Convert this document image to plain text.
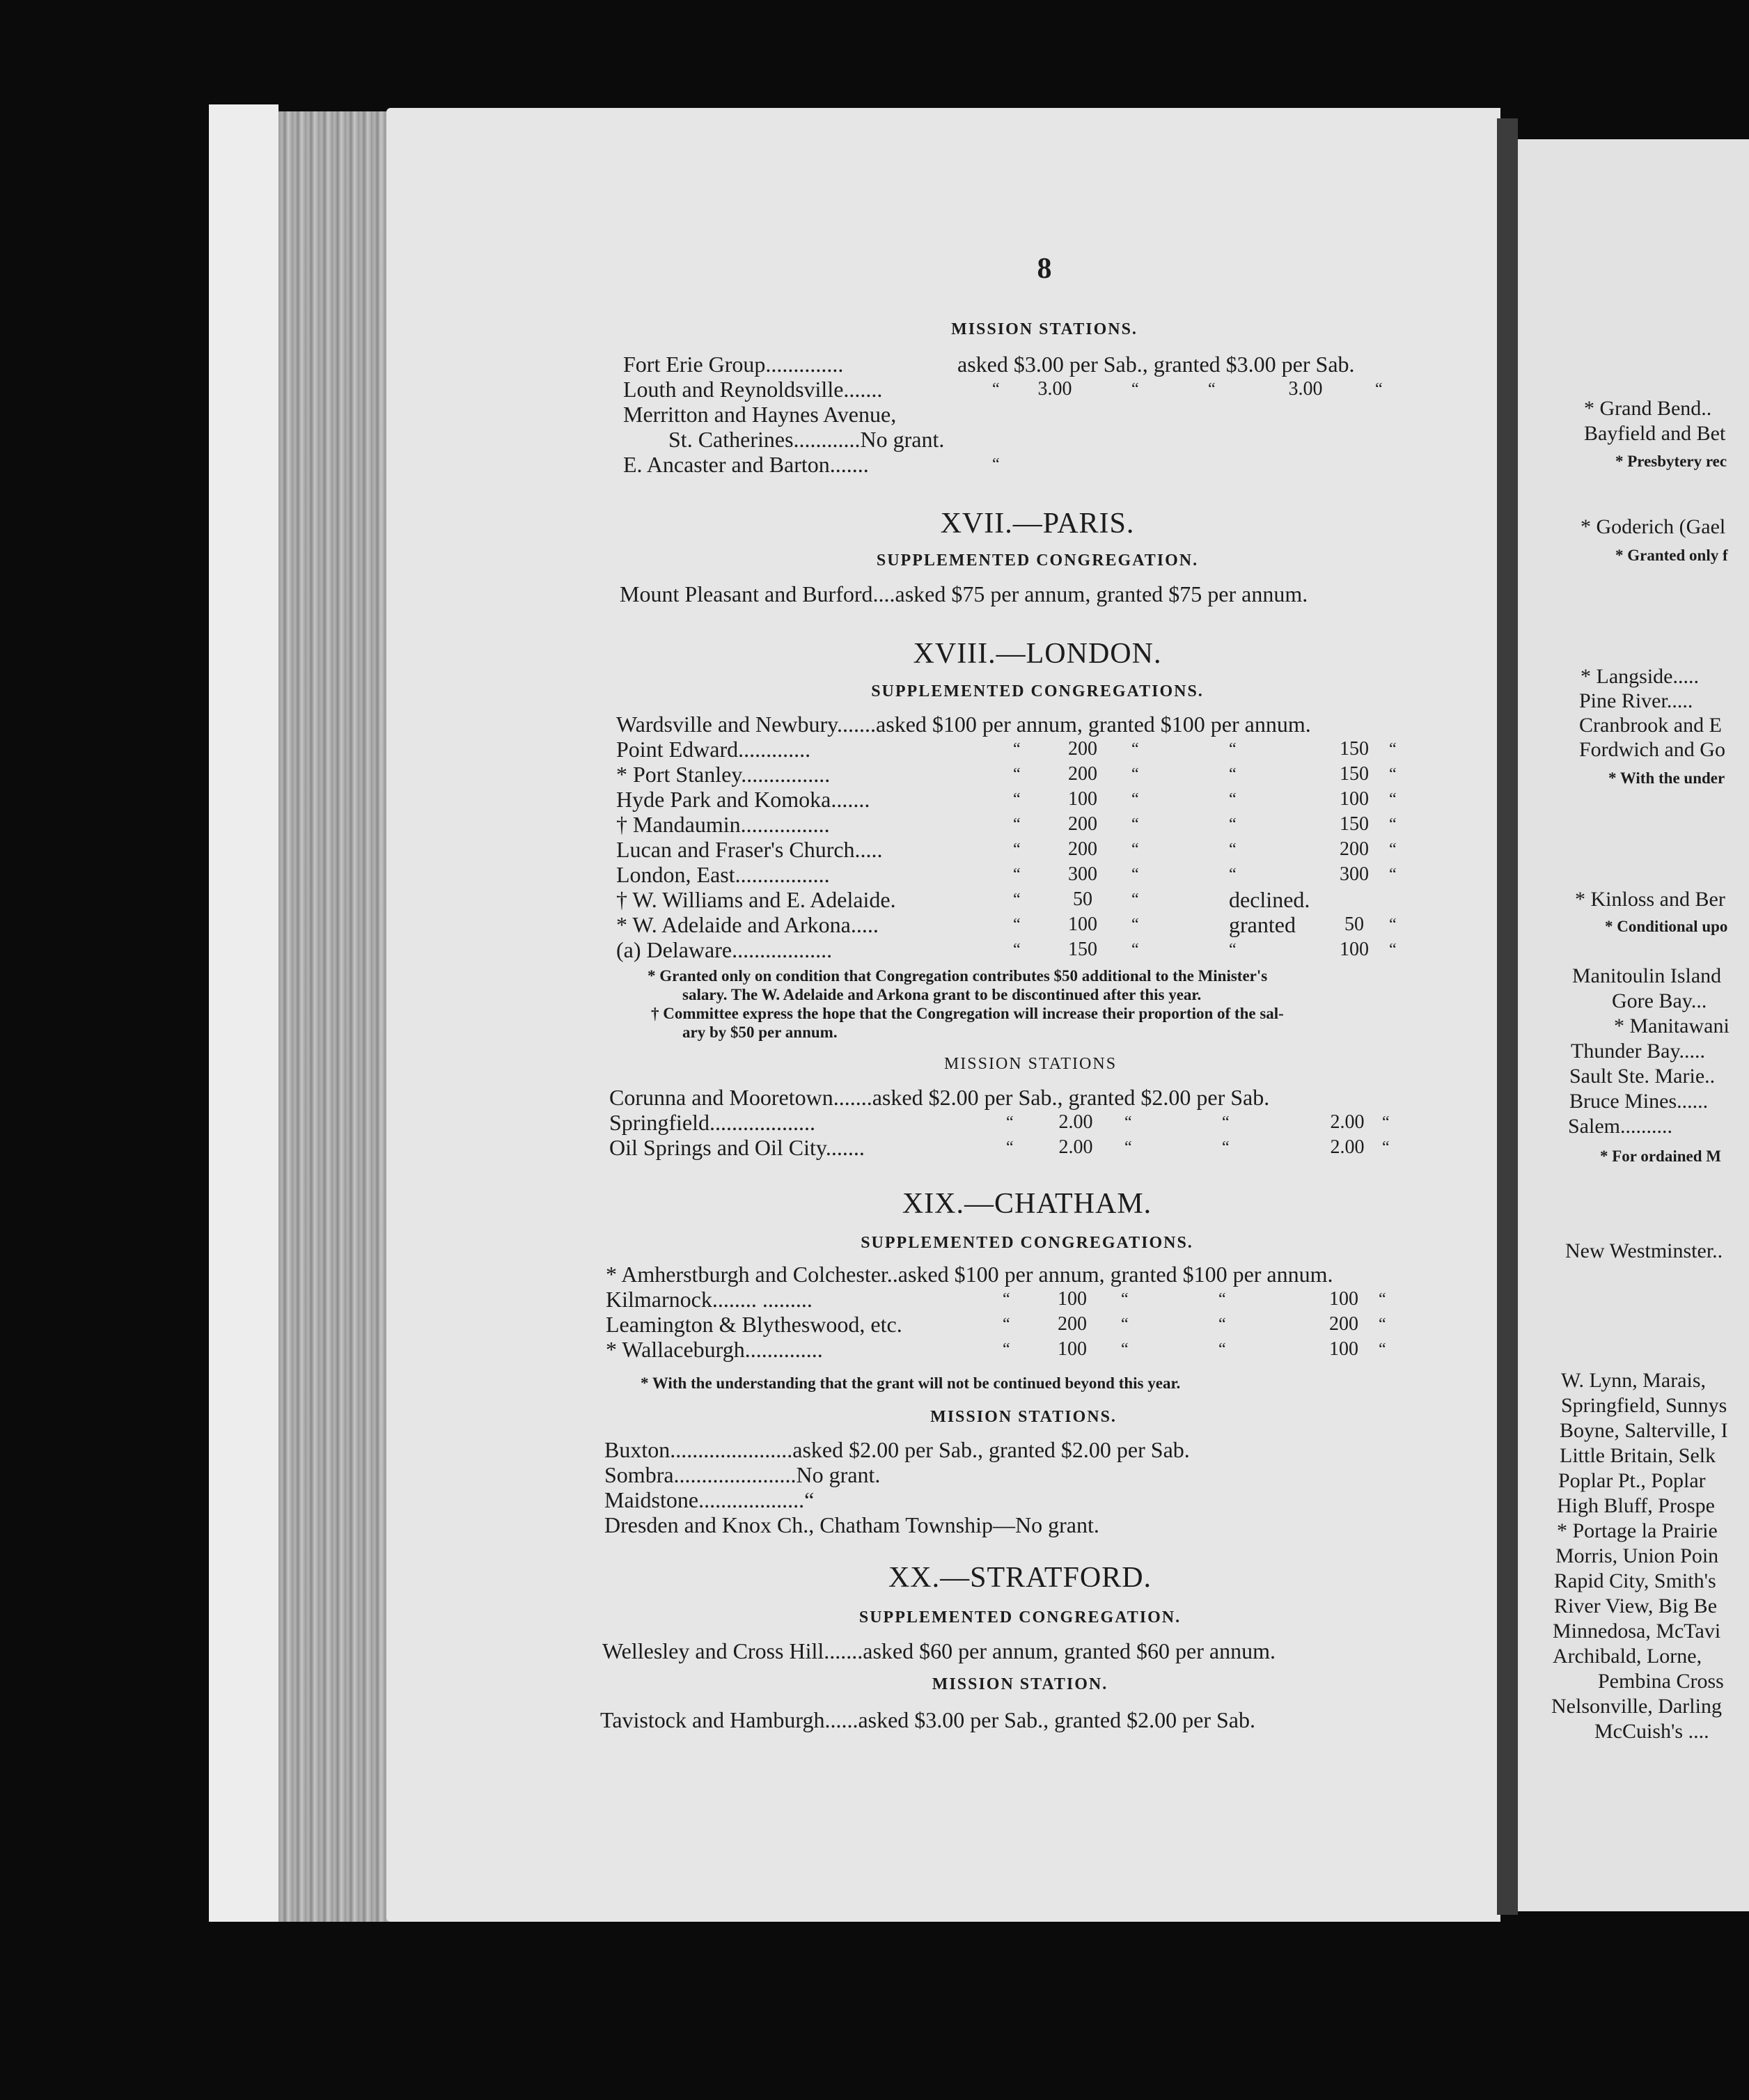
8
MISSION STATIONS.
Fort Erie Group..............	asked $3.00 per Sab., granted $3.00 per Sab.
Louth and Reynoldsville.......	“	3.00	“	“	3.00	“
Merritton and Haynes Avenue,
St. Catherines............No grant.
E. Ancaster and Barton.......	“
XVII.—PARIS.
SUPPLEMENTED CONGREGATION.
Mount Pleasant and Burford....asked $75 per annum, granted $75 per annum.
XVIII.—LONDON.
SUPPLEMENTED CONGREGATIONS.
Wardsville and Newbury.......asked $100 per annum, granted $100 per annum.
Point Edward.............	“	200	“	“	150	“
* Port Stanley................	“	200	“	“	150	“
Hyde Park and Komoka.......	“	100	“	“	100	“
† Mandaumin................	“	200	“	“	150	“
Lucan and Fraser's Church.....	“	200	“	“	200	“
London, East.................	“	300	“	“	300	“
† W. Williams and E. Adelaide.	“	50	“	declined.
* W. Adelaide and Arkona.....	“	100	“	granted	50	“
(a) Delaware..................	“	150	“	“	100	“
* Granted only on condition that Congregation contributes $50 additional to the Minister's
salary. The W. Adelaide and Arkona grant to be discontinued after this year.
† Committee express the hope that the Congregation will increase their proportion of the sal-
ary by $50 per annum.
MISSION STATIONS
Corunna and Mooretown.......asked $2.00 per Sab., granted $2.00 per Sab.
Springfield...................	“	2.00	“	“	2.00	“
Oil Springs and Oil City.......	“	2.00	“	“	2.00	“
XIX.—CHATHAM.
SUPPLEMENTED CONGREGATIONS.
* Amherstburgh and Colchester..asked $100 per annum, granted $100 per annum.
Kilmarnock........ .........	“	100	“	“	100	“
Leamington & Blytheswood, etc.	“	200	“	“	200	“
* Wallaceburgh..............	“	100	“	“	100	“
* With the understanding that the grant will not be continued beyond this year.
MISSION STATIONS.
Buxton......................asked $2.00 per Sab., granted $2.00 per Sab.
Sombra......................No grant.
Maidstone...................“
Dresden and Knox Ch., Chatham Township—No grant.
XX.—STRATFORD.
SUPPLEMENTED CONGREGATION.
Wellesley and Cross Hill.......asked $60 per annum, granted $60 per annum.
MISSION STATION.
Tavistock and Hamburgh......asked $3.00 per Sab., granted $2.00 per Sab.
* Grand Bend..
Bayfield and Bet
* Presbytery rec
* Goderich (Gael
* Granted only f
* Langside.....
Pine River.....
Cranbrook and E
Fordwich and Go
* With the under
* Kinloss and Ber
* Conditional upo
Manitoulin Island
Gore Bay...
* Manitawani
Thunder Bay.....
Sault Ste. Marie..
Bruce Mines......
Salem..........
* For ordained M
New Westminster..
W. Lynn, Marais,
Springfield, Sunnys
Boyne, Salterville, I
Little Britain, Selk
Poplar Pt., Poplar
High Bluff, Prospe
* Portage la Prairie
Morris, Union Poin
Rapid City, Smith's
River View, Big Be
Minnedosa, McTavi
Archibald, Lorne,
Pembina Cross
Nelsonville, Darling
McCuish's ....
